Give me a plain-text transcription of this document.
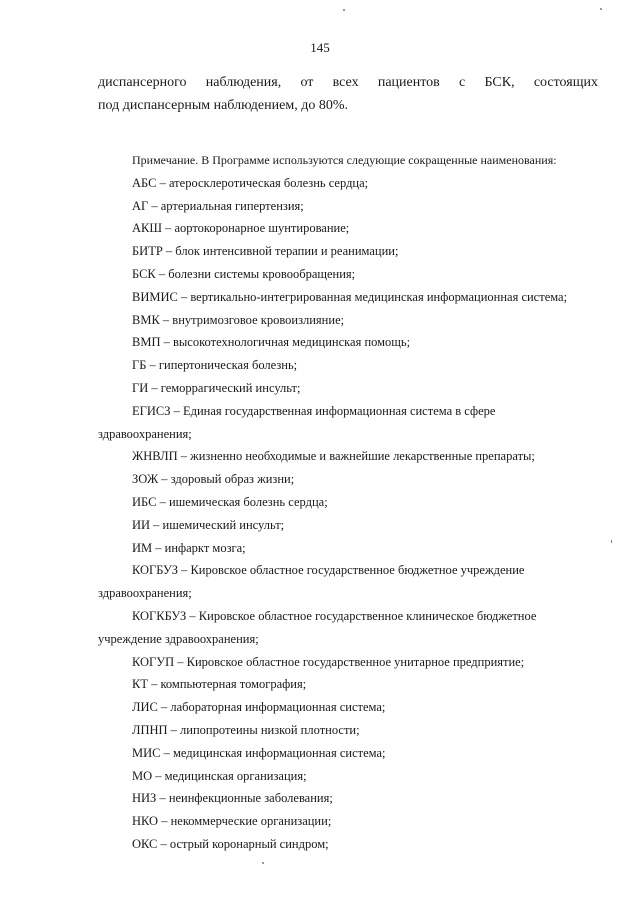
145
диспансерного наблюдения, от всех пациентов с БСК, состоящих
под диспансерным наблюдением, до 80%.
Примечание. В Программе используются следующие сокращенные наименования:
АБС – атеросклеротическая болезнь сердца;
АГ – артериальная гипертензия;
АКШ – аортокоронарное шунтирование;
БИТР – блок интенсивной терапии и реанимации;
БСК – болезни системы кровообращения;
ВИМИС – вертикально-интегрированная медицинская информационная система;
ВМК – внутримозговое кровоизлияние;
ВМП – высокотехнологичная медицинская помощь;
ГБ – гипертоническая болезнь;
ГИ – геморрагический инсульт;
ЕГИСЗ – Единая государственная информационная система в сфере
здравоохранения;
ЖНВЛП – жизненно необходимые и важнейшие лекарственные препараты;
ЗОЖ – здоровый образ жизни;
ИБС – ишемическая болезнь сердца;
ИИ – ишемический инсульт;
ИМ – инфаркт мозга;
КОГБУЗ – Кировское областное государственное бюджетное учреждение
здравоохранения;
КОГКБУЗ – Кировское областное государственное клиническое бюджетное
учреждение здравоохранения;
КОГУП – Кировское областное государственное унитарное предприятие;
КТ – компьютерная томография;
ЛИС – лабораторная информационная система;
ЛПНП – липопротеины низкой плотности;
МИС – медицинская информационная система;
МО – медицинская организация;
НИЗ – неинфекционные заболевания;
НКО – некоммерческие организации;
ОКС – острый коронарный синдром;
